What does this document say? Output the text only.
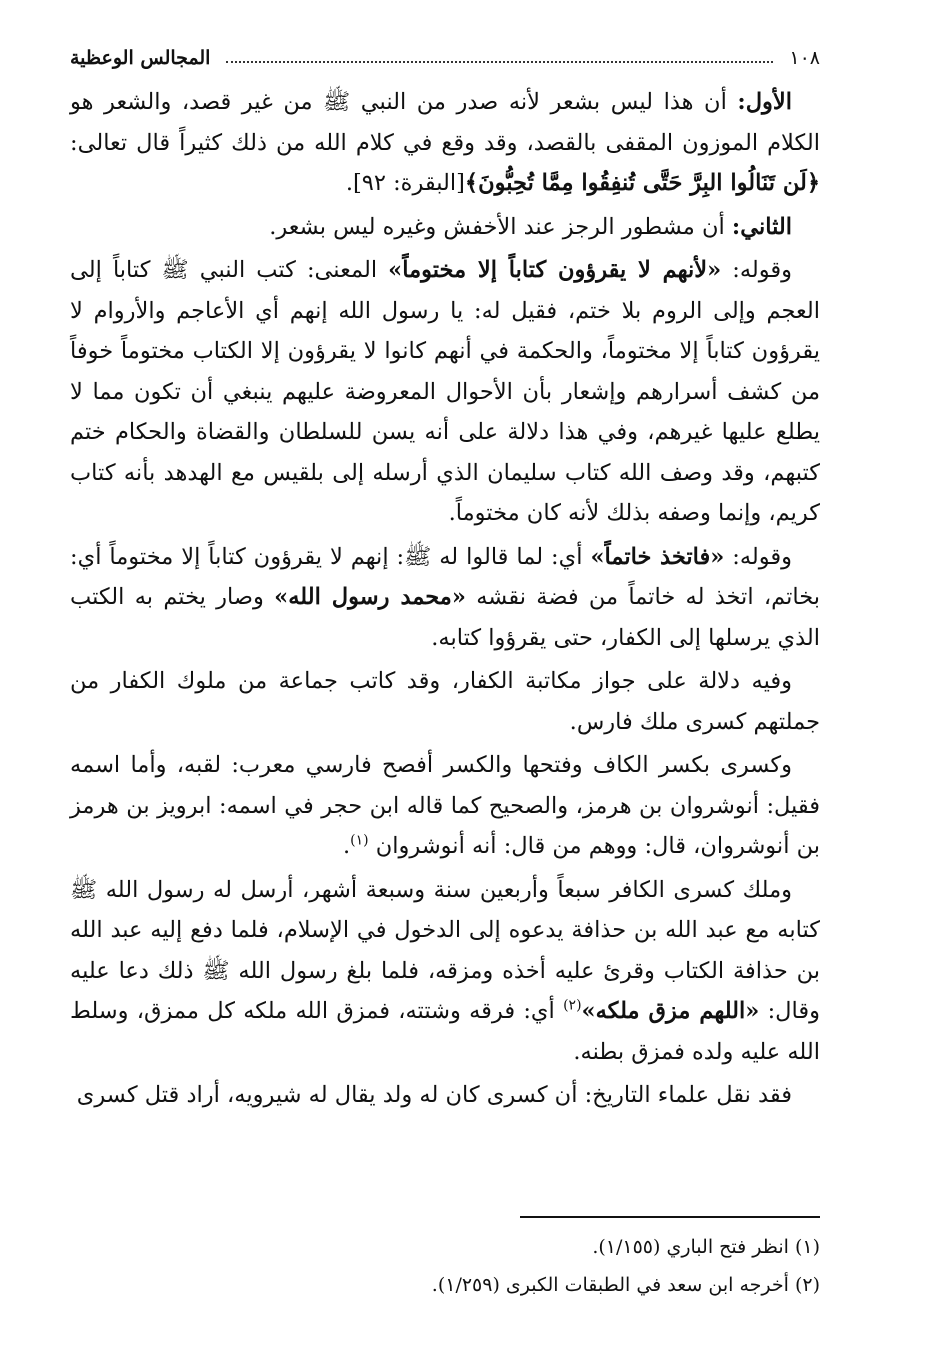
١٠٨
المجالس الوعظية

الأول: أن هذا ليس بشعر لأنه صدر من النبي ﷺ من غير قصد، والشعر هو الكلام الموزون المقفى بالقصد، وقد وقع في كلام الله من ذلك كثيراً قال تعالى: ﴿لَن تَنَالُوا البِرَّ حَتَّى تُنفِقُوا مِمَّا تُحِبُّونَ﴾[البقرة: ٩٢].

الثاني: أن مشطور الرجز عند الأخفش وغيره ليس بشعر.

وقوله: «لأنهم لا يقرؤون كتاباً إلا مختوماً» المعنى: كتب النبي ﷺ كتاباً إلى العجم وإلى الروم بلا ختم، فقيل له: يا رسول الله إنهم أي الأعاجم والأروام لا يقرؤون كتاباً إلا مختوماً، والحكمة في أنهم كانوا لا يقرؤون إلا الكتاب مختوماً خوفاً من كشف أسرارهم وإشعار بأن الأحوال المعروضة عليهم ينبغي أن تكون مما لا يطلع عليها غيرهم، وفي هذا دلالة على أنه يسن للسلطان والقضاة والحكام ختم كتبهم، وقد وصف الله كتاب سليمان الذي أرسله إلى بلقيس مع الهدهد بأنه كتاب كريم، وإنما وصفه بذلك لأنه كان مختوماً.

وقوله: «فاتخذ خاتماً» أي: لما قالوا له ﷺ: إنهم لا يقرؤون كتاباً إلا مختوماً أي: بخاتم، اتخذ له خاتماً من فضة نقشه «محمد رسول الله» وصار يختم به الكتب الذي يرسلها إلى الكفار، حتى يقرؤوا كتابه.

وفيه دلالة على جواز مكاتبة الكفار، وقد كاتب جماعة من ملوك الكفار من جملتهم كسرى ملك فارس.

وكسرى بكسر الكاف وفتحها والكسر أفصح فارسي معرب: لقبه، وأما اسمه فقيل: أنوشروان بن هرمز، والصحيح كما قاله ابن حجر في اسمه: ابرويز بن هرمز بن أنوشروان، قال: ووهم من قال: أنه أنوشروان $^{(١)}$.

وملك كسرى الكافر سبعاً وأربعين سنة وسبعة أشهر، أرسل له رسول الله ﷺ كتابه مع عبد الله بن حذافة يدعوه إلى الدخول في الإسلام، فلما دفع إليه عبد الله بن حذافة الكتاب وقرئ عليه أخذه ومزقه، فلما بلغ رسول الله ﷺ ذلك دعا عليه وقال: «اللهم مزق ملكه»$^{(٢)}$ أي: فرقه وشتته، فمزق الله ملكه كل ممزق، وسلط الله عليه ولده فمزق بطنه.

فقد نقل علماء التاريخ: أن كسرى كان له ولد يقال له شيرويه، أراد قتل كسرى

(١) انظر فتح الباري (١/١٥٥).

(٢) أخرجه ابن سعد في الطبقات الكبرى (١/٢٥٩).
